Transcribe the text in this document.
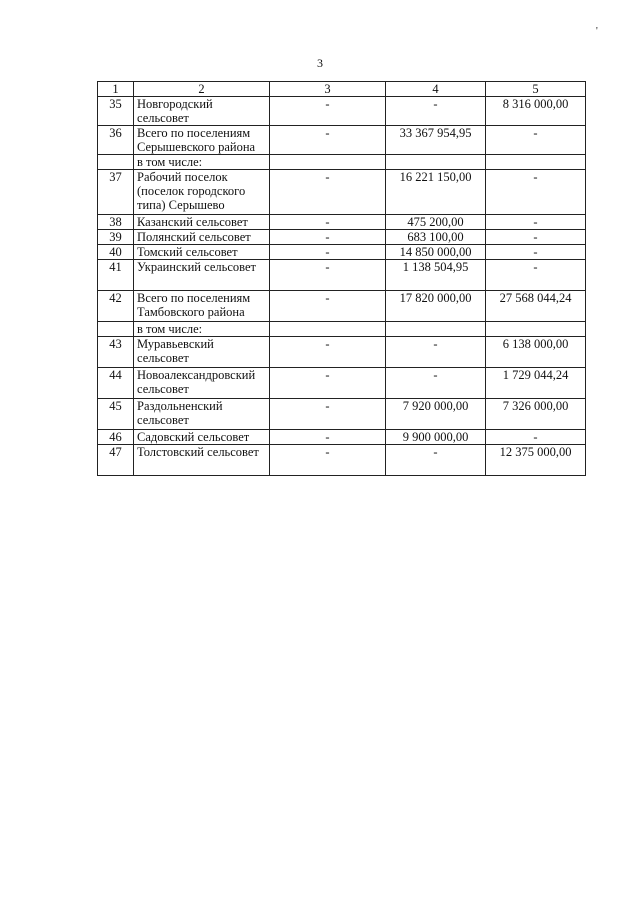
3
'
1	2	3	4	5
35	Новгородский сельсовет	-	-	8 316 000,00
36	Всего по поселениям Серышевского района	-	33 367 954,95	-
	в том числе:			
37	Рабочий поселок (поселок городского типа) Серышево	-	16 221 150,00	-
38	Казанский сельсовет	-	475 200,00	-
39	Полянский сельсовет	-	683 100,00	-
40	Томский сельсовет	-	14 850 000,00	-
41	Украинский сельсовет	-	1 138 504,95	-
42	Всего по поселениям Тамбовского района	-	17 820 000,00	27 568 044,24
	в том числе:			
43	Муравьевский сельсовет	-	-	6 138 000,00
44	Новоалександровский сельсовет	-	-	1 729 044,24
45	Раздольненский сельсовет	-	7 920 000,00	7 326 000,00
46	Садовский сельсовет	-	9 900 000,00	-
47	Толстовский сельсовет	-	-	12 375 000,00
